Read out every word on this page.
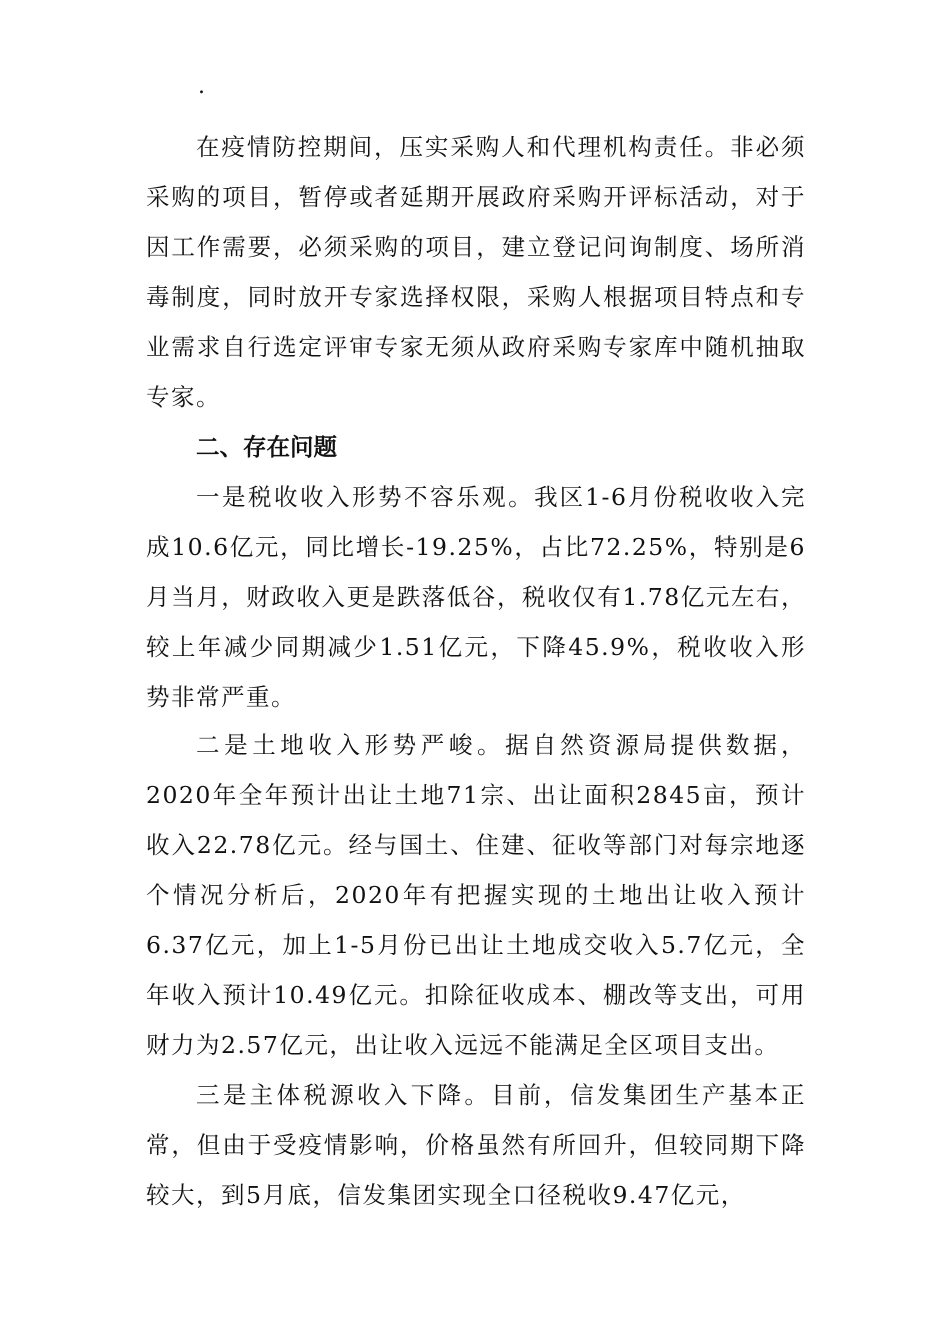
.

在疫情防控期间，压实采购人和代理机构责任。非必须采购的项目，暂停或者延期开展政府采购开评标活动，对于因工作需要，必须采购的项目，建立登记问询制度、场所消毒制度，同时放开专家选择权限，采购人根据项目特点和专业需求自行选定评审专家无须从政府采购专家库中随机抽取专家。

二、存在问题

一是税收收入形势不容乐观。我区1-6月份税收收入完成10.6亿元，同比增长-19.25%，占比72.25%，特别是6月当月，财政收入更是跌落低谷，税收仅有1.78亿元左右，较上年减少同期减少1.51亿元，下降45.9%，税收收入形势非常严重。

二是土地收入形势严峻。据自然资源局提供数据，2020年全年预计出让土地71宗、出让面积2845亩，预计收入22.78亿元。经与国土、住建、征收等部门对每宗地逐个情况分析后，2020年有把握实现的土地出让收入预计6.37亿元，加上1-5月份已出让土地成交收入5.7亿元，全年收入预计10.49亿元。扣除征收成本、棚改等支出，可用财力为2.57亿元，出让收入远远不能满足全区项目支出。

三是主体税源收入下降。目前，信发集团生产基本正常，但由于受疫情影响，价格虽然有所回升，但较同期下降较大，到5月底，信发集团实现全口径税收9.47亿元，
